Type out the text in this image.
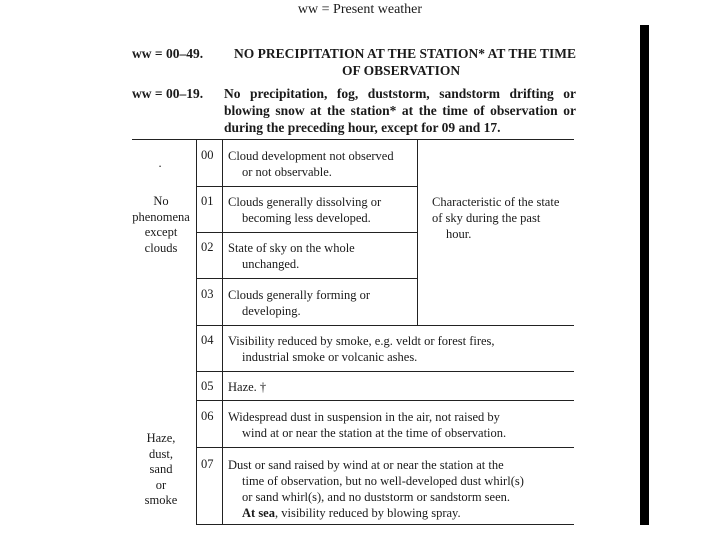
ww = Present weather
ww = 00–49. NO PRECIPITATION AT THE STATION* AT THE TIME
OF OBSERVATION
ww = 00–19. No precipitation, fog, duststorm, sandstorm drifting or
blowing snow at the station* at the time of observation or
during the preceding hour, except for 09 and 17.
.
No
phenomena
except
clouds
Haze,
dust,
sand
or
smoke
Characteristic of the state
of sky during the past
hour.
00 Cloud development not observed
or not observable.
01 Clouds generally dissolving or
becoming less developed.
02 State of sky on the whole
unchanged.
03 Clouds generally forming or
developing.
04 Visibility reduced by smoke, e.g. veldt or forest fires,
industrial smoke or volcanic ashes.
05 Haze. †
06 Widespread dust in suspension in the air, not raised by
wind at or near the station at the time of observation.
07 Dust or sand raised by wind at or near the station at the
time of observation, but no well-developed dust whirl(s)
or sand whirl(s), and no duststorm or sandstorm seen.
At sea, visibility reduced by blowing spray.
